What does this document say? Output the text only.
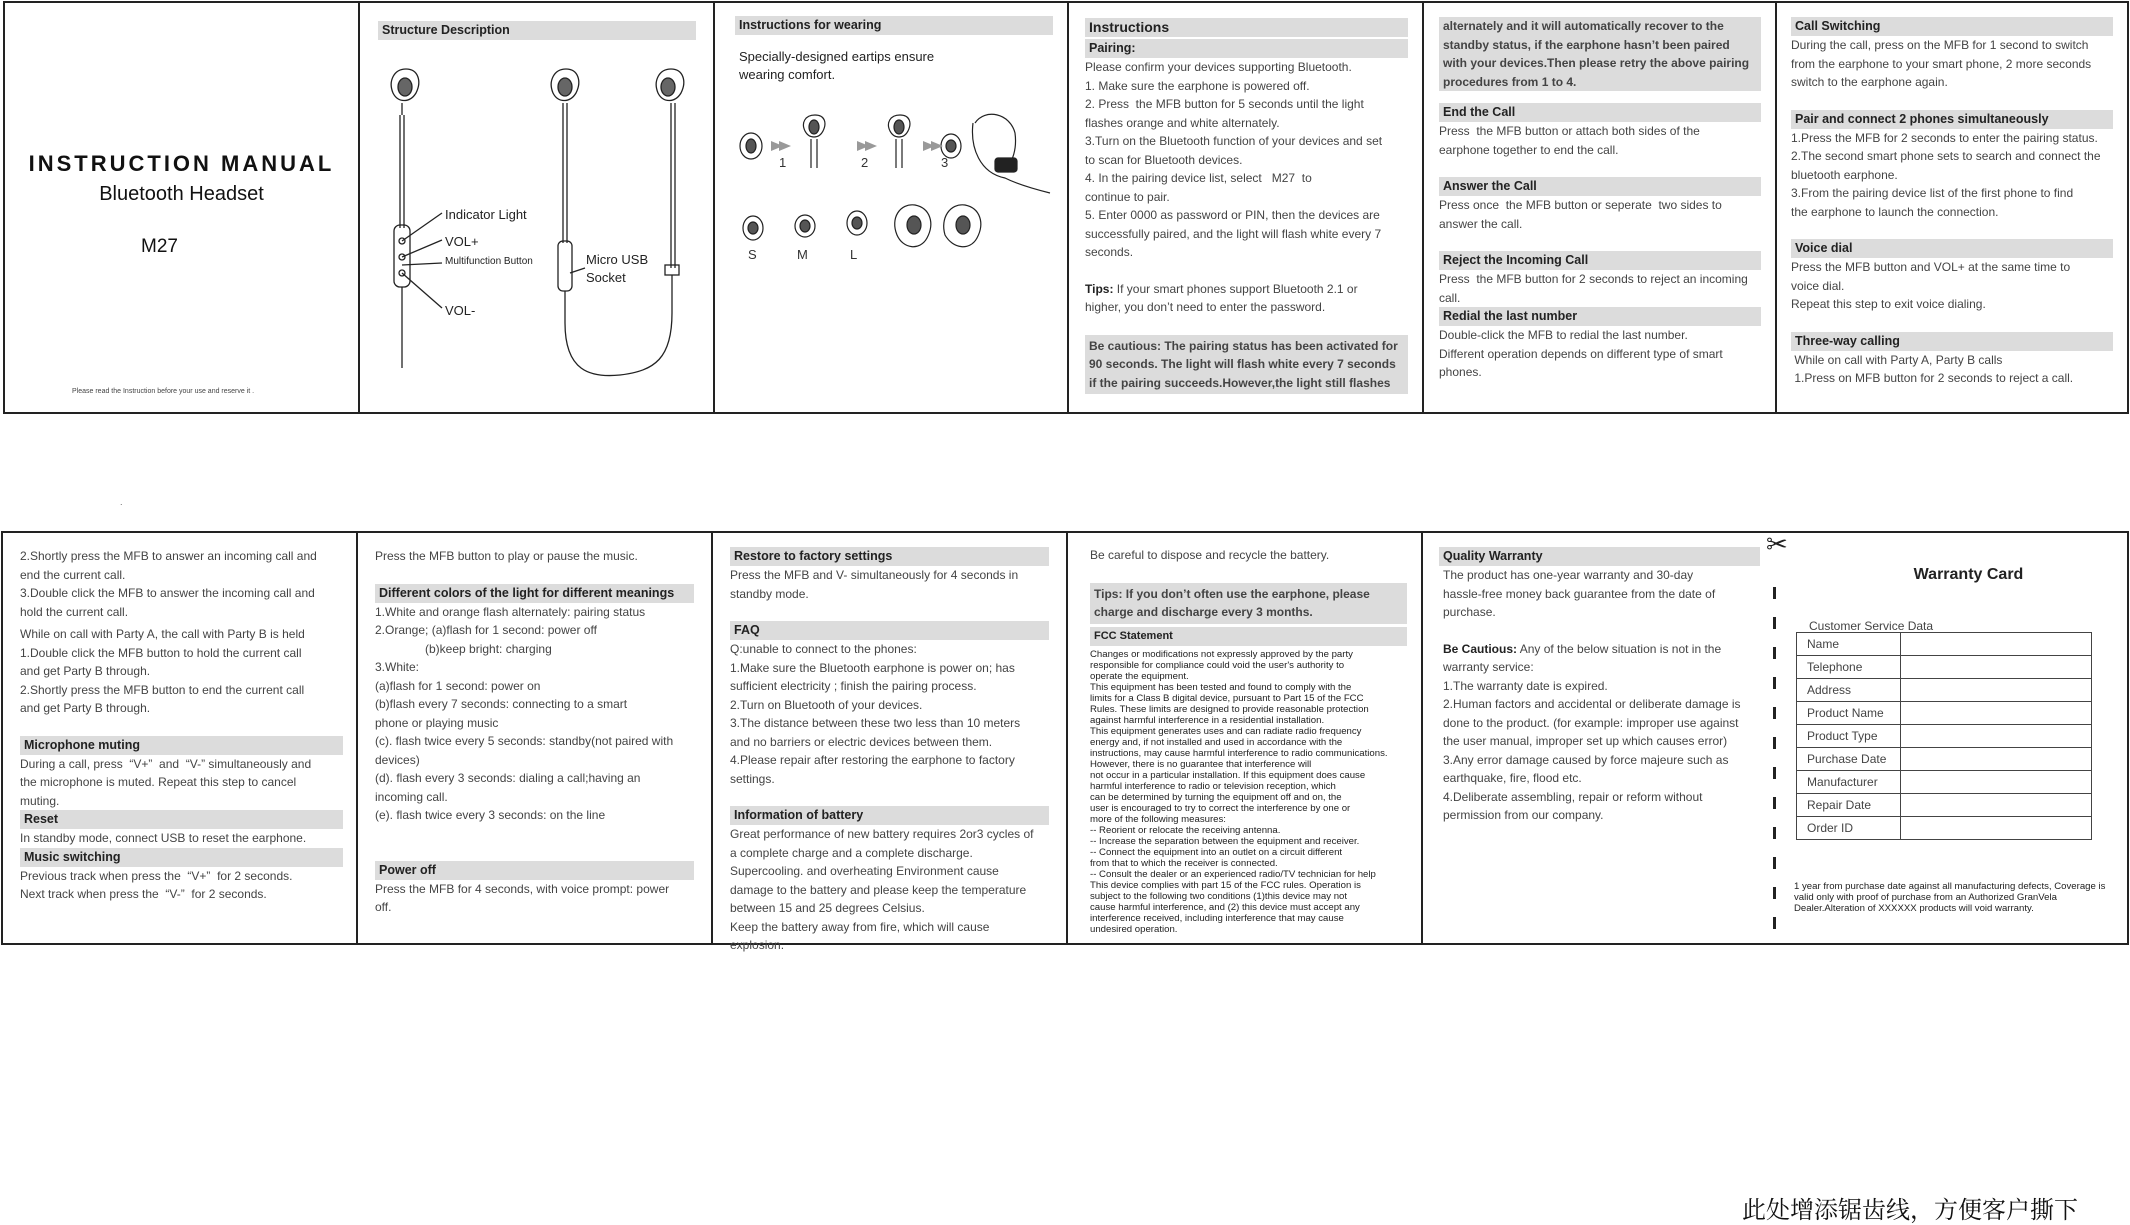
INSTRUCTION MANUAL
Bluetooth Headset
M27
Please read the Instruction before your use and reserve it .
Structure Description
Indicator Light
VOL+
Multifunction Button
VOL-
Micro USB
Socket
Instructions for wearing
Specially-designed eartips ensure
wearing comfort.
1	2	3
S	M	L
Instructions
Pairing:
Please confirm your devices supporting Bluetooth.
1. Make sure the earphone is powered off.
2. Press  the MFB button for 5 seconds until the light
flashes orange and white alternately.
3.Turn on the Bluetooth function of your devices and set
to scan for Bluetooth devices.
4. In the pairing device list, select   M27  to
continue to pair.
5. Enter 0000 as password or PIN, then the devices are
successfully paired, and the light will flash white every 7
seconds.
Tips: If your smart phones support Bluetooth 2.1 or
higher, you don’t need to enter the password.
Be cautious: The pairing status has been activated for
90 seconds. The light will flash white every 7 seconds
if the pairing succeeds.However,the light still flashes
alternately and it will automatically recover to the
standby status, if the earphone hasn’t been paired
with your devices.Then please retry the above pairing
procedures from 1 to 4.
End the Call
Press  the MFB button or attach both sides of the
earphone together to end the call.
Answer the Call
Press once  the MFB button or seperate  two sides to
answer the call.
Reject the Incoming Call
Press  the MFB button for 2 seconds to reject an incoming
call.
Redial the last number
Double-click the MFB to redial the last number.
Different operation depends on different type of smart
phones.
Call Switching
During the call, press on the MFB for 1 second to switch
from the earphone to your smart phone, 2 more seconds
switch to the earphone again.
Pair and connect 2 phones simultaneously
1.Press the MFB for 2 seconds to enter the pairing status.
2.The second smart phone sets to search and connect the
bluetooth earphone.
3.From the pairing device list of the first phone to find
the earphone to launch the connection.
Voice dial
Press the MFB button and VOL+ at the same time to
voice dial.
Repeat this step to exit voice dialing.
Three-way calling
While on call with Party A, Party B calls
1.Press on MFB button for 2 seconds to reject a call.
.
2.Shortly press the MFB to answer an incoming call and
end the current call.
3.Double click the MFB to answer the incoming call and
hold the current call.
While on call with Party A, the call with Party B is held
1.Double click the MFB button to hold the current call
and get Party B through.
2.Shortly press the MFB button to end the current call
and get Party B through.
Microphone muting
During a call, press  “V+”  and  “V-” simultaneously and
the microphone is muted. Repeat this step to cancel
muting.
Reset
In standby mode, connect USB to reset the earphone.
Music switching
Previous track when press the  “V+”  for 2 seconds.
Next track when press the  “V-”  for 2 seconds.
Press the MFB button to play or pause the music.
Different colors of the light for different meanings
1.White and orange flash alternately: pairing status
2.Orange; (a)flash for 1 second: power off
(b)keep bright: charging
3.White:
(a)flash for 1 second: power on
(b)flash every 7 seconds: connecting to a smart
phone or playing music
(c). flash twice every 5 seconds: standby(not paired with
devices)
(d). flash every 3 seconds: dialing a call;having an
incoming call.
(e). flash twice every 3 seconds: on the line
Power off
Press the MFB for 4 seconds, with voice prompt: power
off.
Restore to factory settings
Press the MFB and V- simultaneously for 4 seconds in
standby mode.
FAQ
Q:unable to connect to the phones:
1.Make sure the Bluetooth earphone is power on; has
sufficient electricity ; finish the pairing process.
2.Turn on Bluetooth of your devices.
3.The distance between these two less than 10 meters
and no barriers or electric devices between them.
4.Please repair after restoring the earphone to factory
settings.
Information of battery
Great performance of new battery requires 2or3 cycles of
a complete charge and a complete discharge.
Supercooling. and overheating Environment cause
damage to the battery and please keep the temperature
between 15 and 25 degrees Celsius.
Keep the battery away from fire, which will cause
explosion.
Be careful to dispose and recycle the battery.
Tips: If you don’t often use the earphone, please
charge and discharge every 3 months.
FCC Statement
Changes or modifications not expressly approved by the party
responsible for compliance could void the user's authority to
operate the equipment.
This equipment has been tested and found to comply with the
limits for a Class B digital device, pursuant to Part 15 of the FCC
Rules. These limits are designed to provide reasonable protection
against harmful interference in a residential installation.
This equipment generates uses and can radiate radio frequency
energy and, if not installed and used in accordance with the
instructions, may cause harmful interference to radio communications.
However, there is no guarantee that interference will
not occur in a particular installation. If this equipment does cause
harmful interference to radio or television reception, which
can be determined by turning the equipment off and on, the
user is encouraged to try to correct the interference by one or
more of the following measures:
-- Reorient or relocate the receiving antenna.
-- Increase the separation between the equipment and receiver.
-- Connect the equipment into an outlet on a circuit different
from that to which the receiver is connected.
-- Consult the dealer or an experienced radio/TV technician for help
This device complies with part 15 of the FCC rules. Operation is
subject to the following two conditions (1)this device may not
cause harmful interference, and (2) this device must accept any
interference received, including interference that may cause
undesired operation.
Quality Warranty
The product has one-year warranty and 30-day
hassle-free money back guarantee from the date of
purchase.
Be Cautious: Any of the below situation is not in the
warranty service:
1.The warranty date is expired.
2.Human factors and accidental or deliberate damage is
done to the product. (for example: improper use against
the user manual, improper set up which causes error)
3.Any error damage caused by force majeure such as
earthquake, fire, flood etc.
4.Deliberate assembling, repair or reform without
permission from our company.
✂
Warranty Card
Customer Service Data
Name	
Telephone	
Address	
Product Name	
Product Type	
Purchase Date	
Manufacturer	
Repair Date	
Order ID	
1 year from purchase date against all manufacturing defects, Coverage is
valid only with proof of purchase from an Authorized GranVela
Dealer.Alteration of XXXXXX products will void warranty.
此处增添锯齿线，方便客户撕下
